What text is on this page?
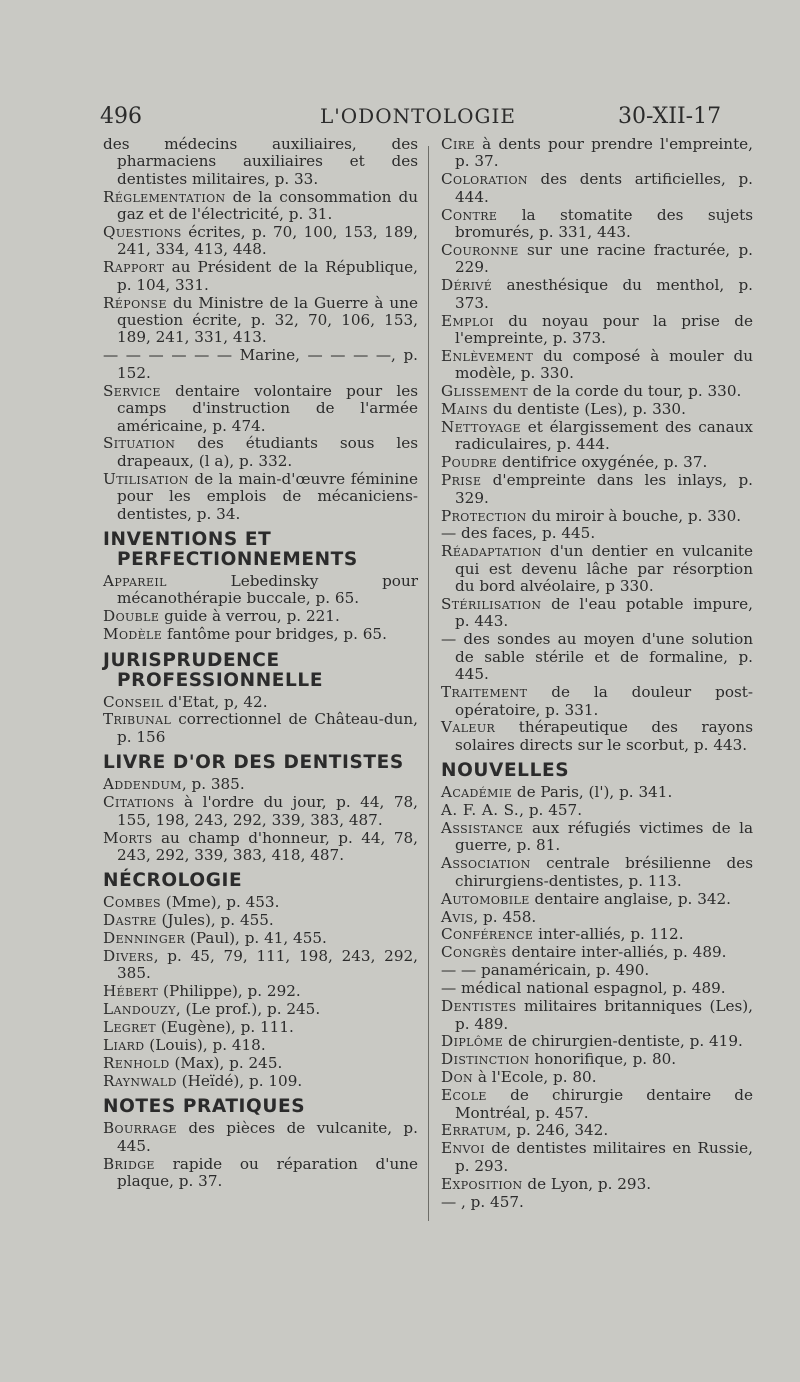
496	L'ODONTOLOGIE	30-XII-17
des médecins auxiliaires, des pharmaciens auxiliaires et des dentistes militaires, p. 33.
Réglementation de la consommation du gaz et de l'électricité, p. 31.
Questions écrites, p. 70, 100, 153, 189, 241, 334, 413, 448.
Rapport au Président de la République, p. 104, 331.
Réponse du Ministre de la Guerre à une question écrite, p. 32, 70, 106, 153, 189, 241, 331, 413.
— — — — — — Marine, — — — —, p. 152.
Service dentaire volontaire pour les camps d'instruction de l'armée américaine, p. 474.
Situation des étudiants sous les drapeaux, (l a), p. 332.
Utilisation de la main-d'œuvre féminine pour les emplois de mécaniciens-dentistes, p. 34.
INVENTIONS ET PERFECTIONNEMENTS
Appareil Lebedinsky pour mécanothérapie buccale, p. 65.
Double guide à verrou, p. 221.
Modèle fantôme pour bridges, p. 65.
JURISPRUDENCE PROFESSIONNELLE
Conseil d'Etat, p, 42.
Tribunal correctionnel de Château-dun, p. 156
LIVRE D'OR DES DENTISTES
Addendum, p. 385.
Citations à l'ordre du jour, p. 44, 78, 155, 198, 243, 292, 339, 383, 487.
Morts au champ d'honneur, p. 44, 78, 243, 292, 339, 383, 418, 487.
NÉCROLOGIE
Combes (Mme), p. 453.
Dastre (Jules), p. 455.
Denninger (Paul), p. 41, 455.
Divers, p. 45, 79, 111, 198, 243, 292, 385.
Hébert (Philippe), p. 292.
Landouzy, (Le prof.), p. 245.
Legret (Eugène), p. 111.
Liard (Louis), p. 418.
Renhold (Max), p. 245.
Raynwald (Heïdé), p. 109.
NOTES PRATIQUES
Bourrage des pièces de vulcanite, p. 445.
Bridge rapide ou réparation d'une plaque, p. 37.
Cire à dents pour prendre l'empreinte, p. 37.
Coloration des dents artificielles, p. 444.
Contre la stomatite des sujets bromurés, p. 331, 443.
Couronne sur une racine fracturée, p. 229.
Dérivé anesthésique du menthol, p. 373.
Emploi du noyau pour la prise de l'empreinte, p. 373.
Enlèvement du composé à mouler du modèle, p. 330.
Glissement de la corde du tour, p. 330.
Mains du dentiste (Les), p. 330.
Nettoyage et élargissement des canaux radiculaires, p. 444.
Poudre dentifrice oxygénée, p. 37.
Prise d'empreinte dans les inlays, p. 329.
Protection du miroir à bouche, p. 330.
— des faces, p. 445.
Réadaptation d'un dentier en vulcanite qui est devenu lâche par résorption du bord alvéolaire, p 330.
Stérilisation de l'eau potable impure, p. 443.
— des sondes au moyen d'une solution de sable stérile et de formaline, p. 445.
Traitement de la douleur post-opératoire, p. 331.
Valeur thérapeutique des rayons solaires directs sur le scorbut, p. 443.
NOUVELLES
Académie de Paris, (l'), p. 341.
A. F. A. S., p. 457.
Assistance aux réfugiés victimes de la guerre, p. 81.
Association centrale brésilienne des chirurgiens-dentistes, p. 113.
Automobile dentaire anglaise, p. 342.
Avis, p. 458.
Conférence inter-alliés, p. 112.
Congrès dentaire inter-alliés, p. 489.
— — panaméricain, p. 490.
— médical national espagnol, p. 489.
Dentistes militaires britanniques (Les), p. 489.
Diplôme de chirurgien-dentiste, p. 419.
Distinction honorifique, p. 80.
Don à l'Ecole, p. 80.
Ecole de chirurgie dentaire de Montréal, p. 457.
Erratum, p. 246, 342.
Envoi de dentistes militaires en Russie, p. 293.
Exposition de Lyon, p. 293.
— , p. 457.
